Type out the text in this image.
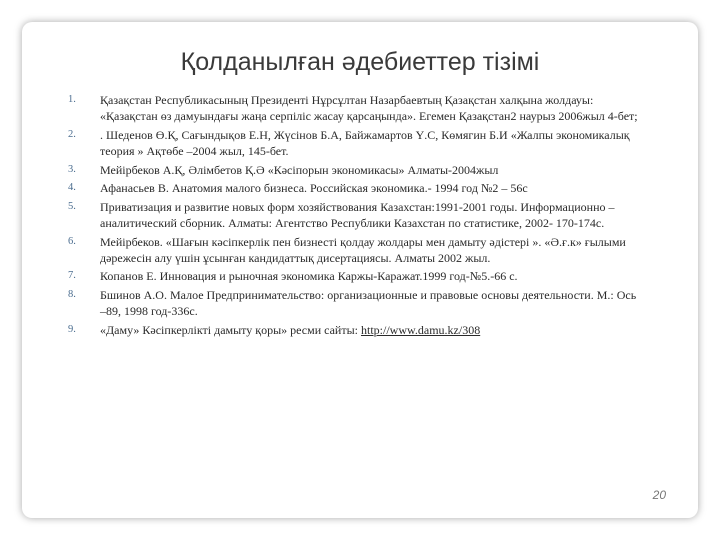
Қолданылған әдебиеттер тізімі
1.	Қазақстан Республикасының Президенті Нұрсұлтан Назарбаевтың Қазақстан халқына жолдауы: «Қазақстан өз дамуындағы жаңа серпіліс жасау қарсаңында». Егемен Қазақстан2 наурыз 2006жыл 4-бет;
2.	. Шеденов Ө.Қ, Сағындықов Е.Н, Жүсінов Б.А, Байжамартов Ү.С, Көмягин Б.И «Жалпы экономикалық теория » Ақтөбе –2004 жыл, 145-бет.
3.	Мейірбеков А.Қ, Әлімбетов Қ.Ә «Кәсіпорын экономикасы» Алматы-2004жыл
4.	Афанасьев В. Анатомия малого бизнеса. Российская экономика.- 1994 год №2 – 56с
5.	Приватизация и развитие новых форм хозяйствования Казахстан:1991-2001 годы. Информационно – аналитический сборник. Алматы: Агентство Республики Казахстан по статистике, 2002- 170-174с.
6.	Мейірбеков. «Шағын кәсіпкерлік пен бизнесті қолдау жолдары мен дамыту әдістері ». «Ә.ғ.к» ғылыми дәрежесін алу үшін ұсынған кандидаттық дисертациясы. Алматы 2002 жыл.
7.	Копанов Е. Инновация и рыночная экономика Каржы-Каражат.1999 год-№5.-66 с.
8.	Бшинов А.О. Малое Предпринимательство: организационные и правовые основы деятельности. М.: Ось –89, 1998 год-336с.
9.	«Даму» Кәсіпкерлікті дамыту қоры» ресми сайты: http://www.damu.kz/308
20
